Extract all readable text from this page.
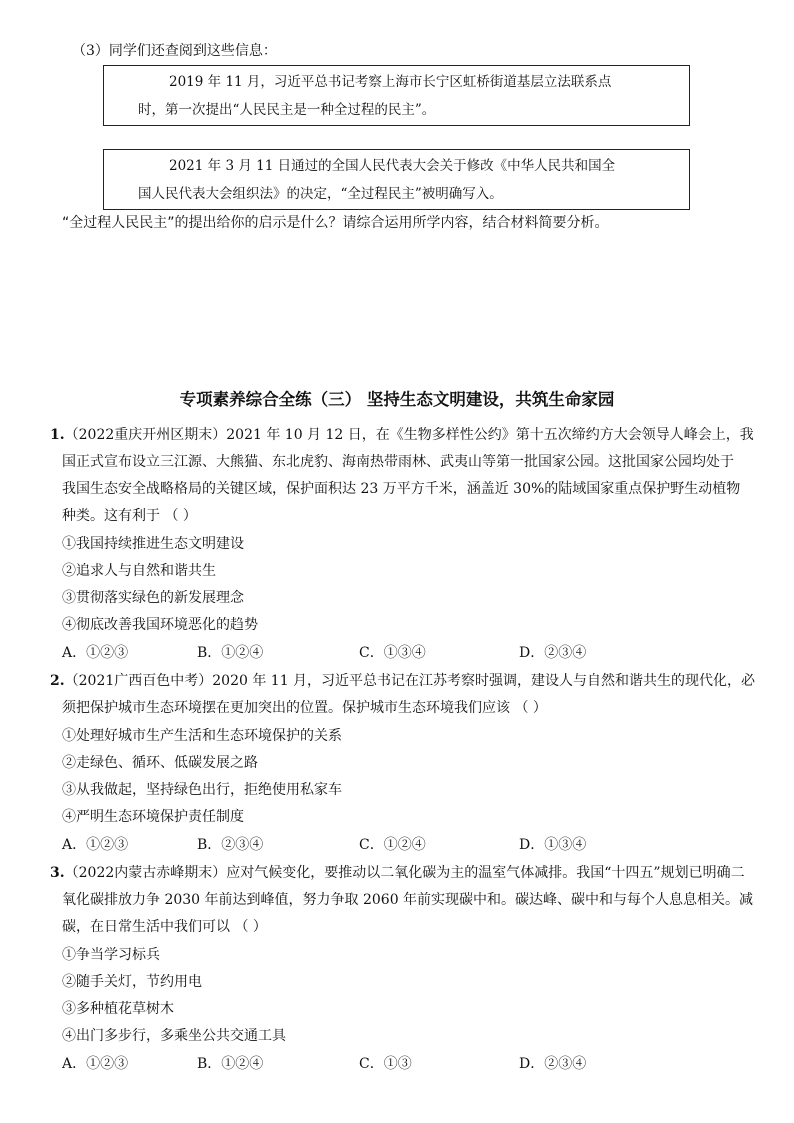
（3）同学们还查阅到这些信息：
2019 年 11 月，习近平总书记考察上海市长宁区虹桥街道基层立法联系点
时，第一次提出“人民民主是一种全过程的民主”。
2021 年 3 月 11 日通过的全国人民代表大会关于修改《中华人民共和国全
国人民代表大会组织法》的决定，“全过程民主”被明确写入。
“全过程人民民主”的提出给你的启示是什么？请综合运用所学内容，结合材料简要分析。
专项素养综合全练（三） 坚持生态文明建设，共筑生命家园
1.（2022重庆开州区期末）2021 年 10 月 12 日，在《生物多样性公约》第十五次缔约方大会领导人峰会上，我
国正式宣布设立三江源、大熊猫、东北虎豹、海南热带雨林、武夷山等第一批国家公园。这批国家公园均处于
我国生态安全战略格局的关键区域，保护面积达 23 万平方千米，涵盖近 30%的陆域国家重点保护野生动植物
种类。这有利于 （ ）
①我国持续推进生态文明建设
②追求人与自然和谐共生
③贯彻落实绿色的新发展理念
④彻底改善我国环境恶化的趋势
A．①②③	B．①②④	C．①③④	D．②③④
2.（2021广西百色中考）2020 年 11 月，习近平总书记在江苏考察时强调，建设人与自然和谐共生的现代化，必
须把保护城市生态环境摆在更加突出的位置。保护城市生态环境我们应该 （ ）
①处理好城市生产生活和生态环境保护的关系
②走绿色、循环、低碳发展之路
③从我做起，坚持绿色出行，拒绝使用私家车
④严明生态环境保护责任制度
A．①②③	B．②③④	C．①②④	D．①③④
3.（2022内蒙古赤峰期末）应对气候变化，要推动以二氧化碳为主的温室气体减排。我国“十四五”规划已明确二
氧化碳排放力争 2030 年前达到峰值，努力争取 2060 年前实现碳中和。碳达峰、碳中和与每个人息息相关。减
碳，在日常生活中我们可以 （ ）
①争当学习标兵
②随手关灯，节约用电
③多种植花草树木
④出门多步行，多乘坐公共交通工具
A．①②③	B．①②④	C．①③	D．②③④
